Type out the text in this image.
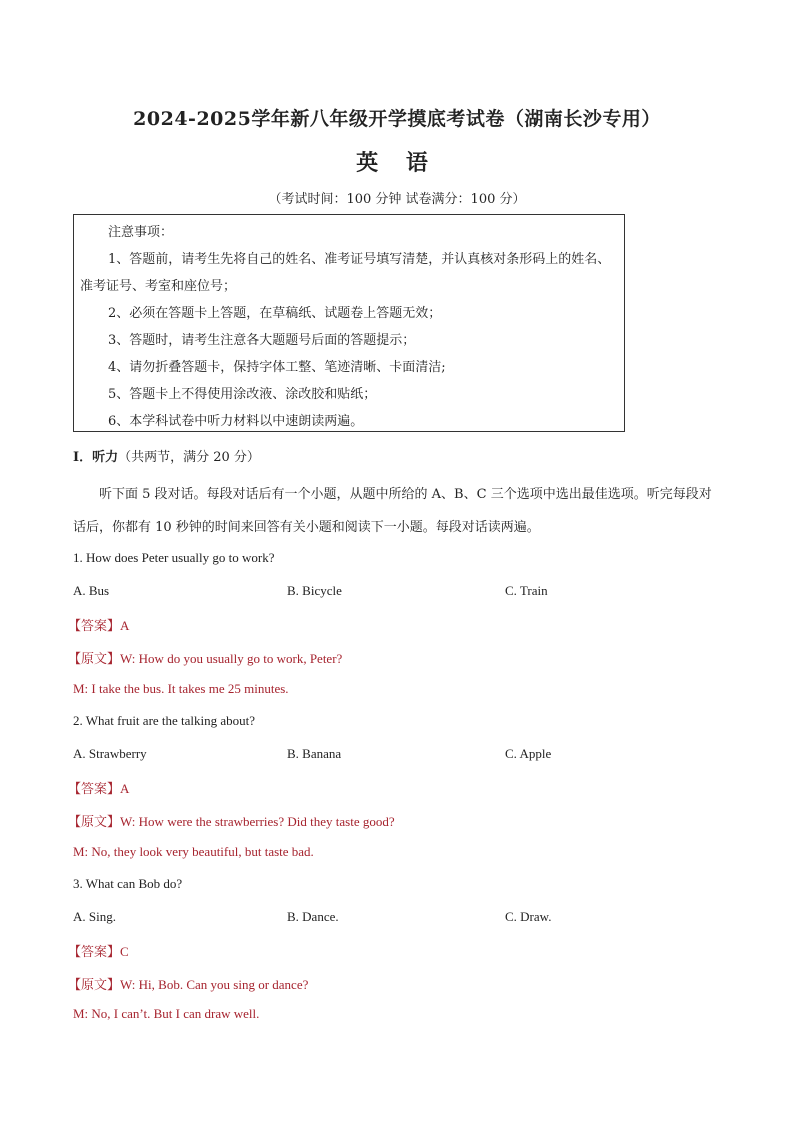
2024-2025学年新八年级开学摸底考试卷（湖南长沙专用）
英 语
（考试时间：100 分钟 试卷满分：100 分）
注意事项：
1、答题前，请考生先将自己的姓名、准考证号填写清楚，并认真核对条形码上的姓名、准考证号、考室和座位号；
2、必须在答题卡上答题，在草稿纸、试题卷上答题无效；
3、答题时，请考生注意各大题题号后面的答题提示；
4、请勿折叠答题卡，保持字体工整、笔迹清晰、卡面清洁;
5、答题卡上不得使用涂改液、涂改胶和贴纸；
6、本学科试卷中听力材料以中速朗读两遍。
I．听力（共两节，满分 20 分）
听下面 5 段对话。每段对话后有一个小题，从题中所给的 A、B、C 三个选项中选出最佳选项。听完每段对话后，你都有 10 秒钟的时间来回答有关小题和阅读下一小题。每段对话读两遍。
1. How does Peter usually go to work?
A. Bus	B. Bicycle	C. Train
【答案】A
【原文】W: How do you usually go to work, Peter?
M: I take the bus. It takes me 25 minutes.
2. What fruit are the talking about?
A. Strawberry	B. Banana	C. Apple
【答案】A
【原文】W: How were the strawberries? Did they taste good?
M: No, they look very beautiful, but taste bad.
3. What can Bob do?
A. Sing.	B. Dance.	C. Draw.
【答案】C
【原文】W: Hi, Bob. Can you sing or dance?
M: No, I can’t. But I can draw well.
